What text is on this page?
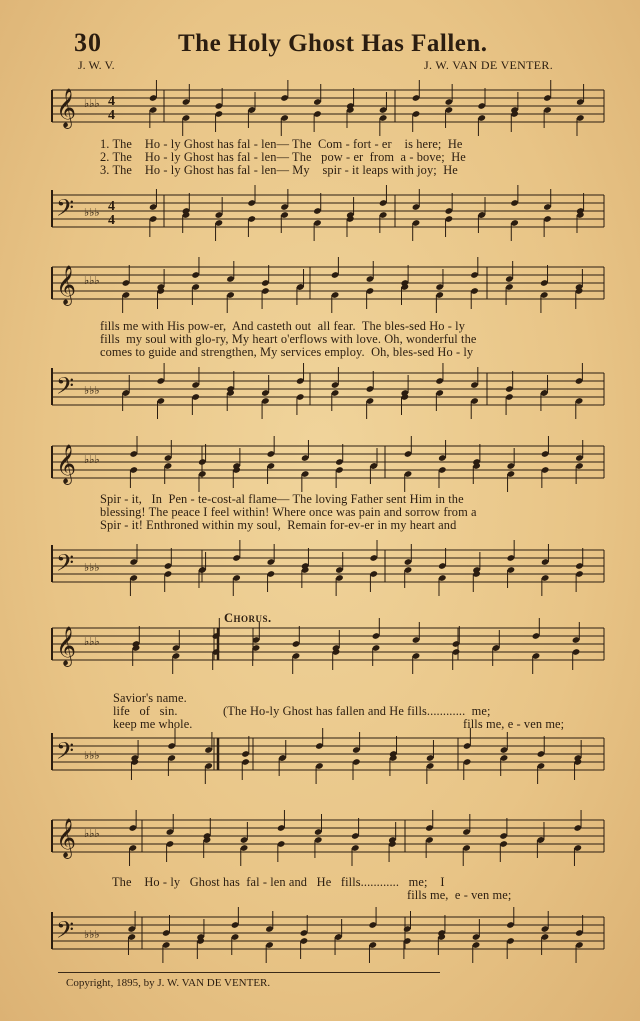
30	The Holy Ghost Has Fallen.
J. W. V.	J. W. VAN DE VENTER.
𝄞 ♭♭♭ 4
4
𝄢 ♭♭♭ 4
4
1. The    Ho - ly Ghost has fal - len— The  Com - fort - er    is here;  He
2. The    Ho - ly Ghost has fal - len— The   pow - er  from  a - bove;  He
3. The    Ho - ly Ghost has fal - len— My    spir - it leaps with joy;  He
𝄞 ♭♭♭
𝄢 ♭♭♭
fills me with His pow-er,  And casteth out  all fear.  The bles-sed Ho - ly
fills  my soul with glo-ry, My heart o'erflows with love. Oh, wonderful the
comes to guide and strengthen, My services employ.  Oh, bles-sed Ho - ly
𝄞 ♭♭♭
𝄢 ♭♭♭
Spir - it,   In  Pen - te-cost-al flame— The loving Father sent Him in the
blessing! The peace I feel within! Where once was pain and sorrow from a
Spir - it! Enthroned within my soul,  Remain for-ev-er in my heart and
Chorus.
𝄞 ♭♭♭
𝄢 ♭♭♭
Savior's name.
life   of   sin.
keep me whole.
(The Ho-ly Ghost has fallen and He fills............  me;
fills me, e - ven me;
𝄞 ♭♭♭
𝄢 ♭♭♭
The    Ho - ly   Ghost has  fal - len and   He   fills............   me;    I
fills me,  e - ven me;
Copyright, 1895, by J. W. VAN DE VENTER.
